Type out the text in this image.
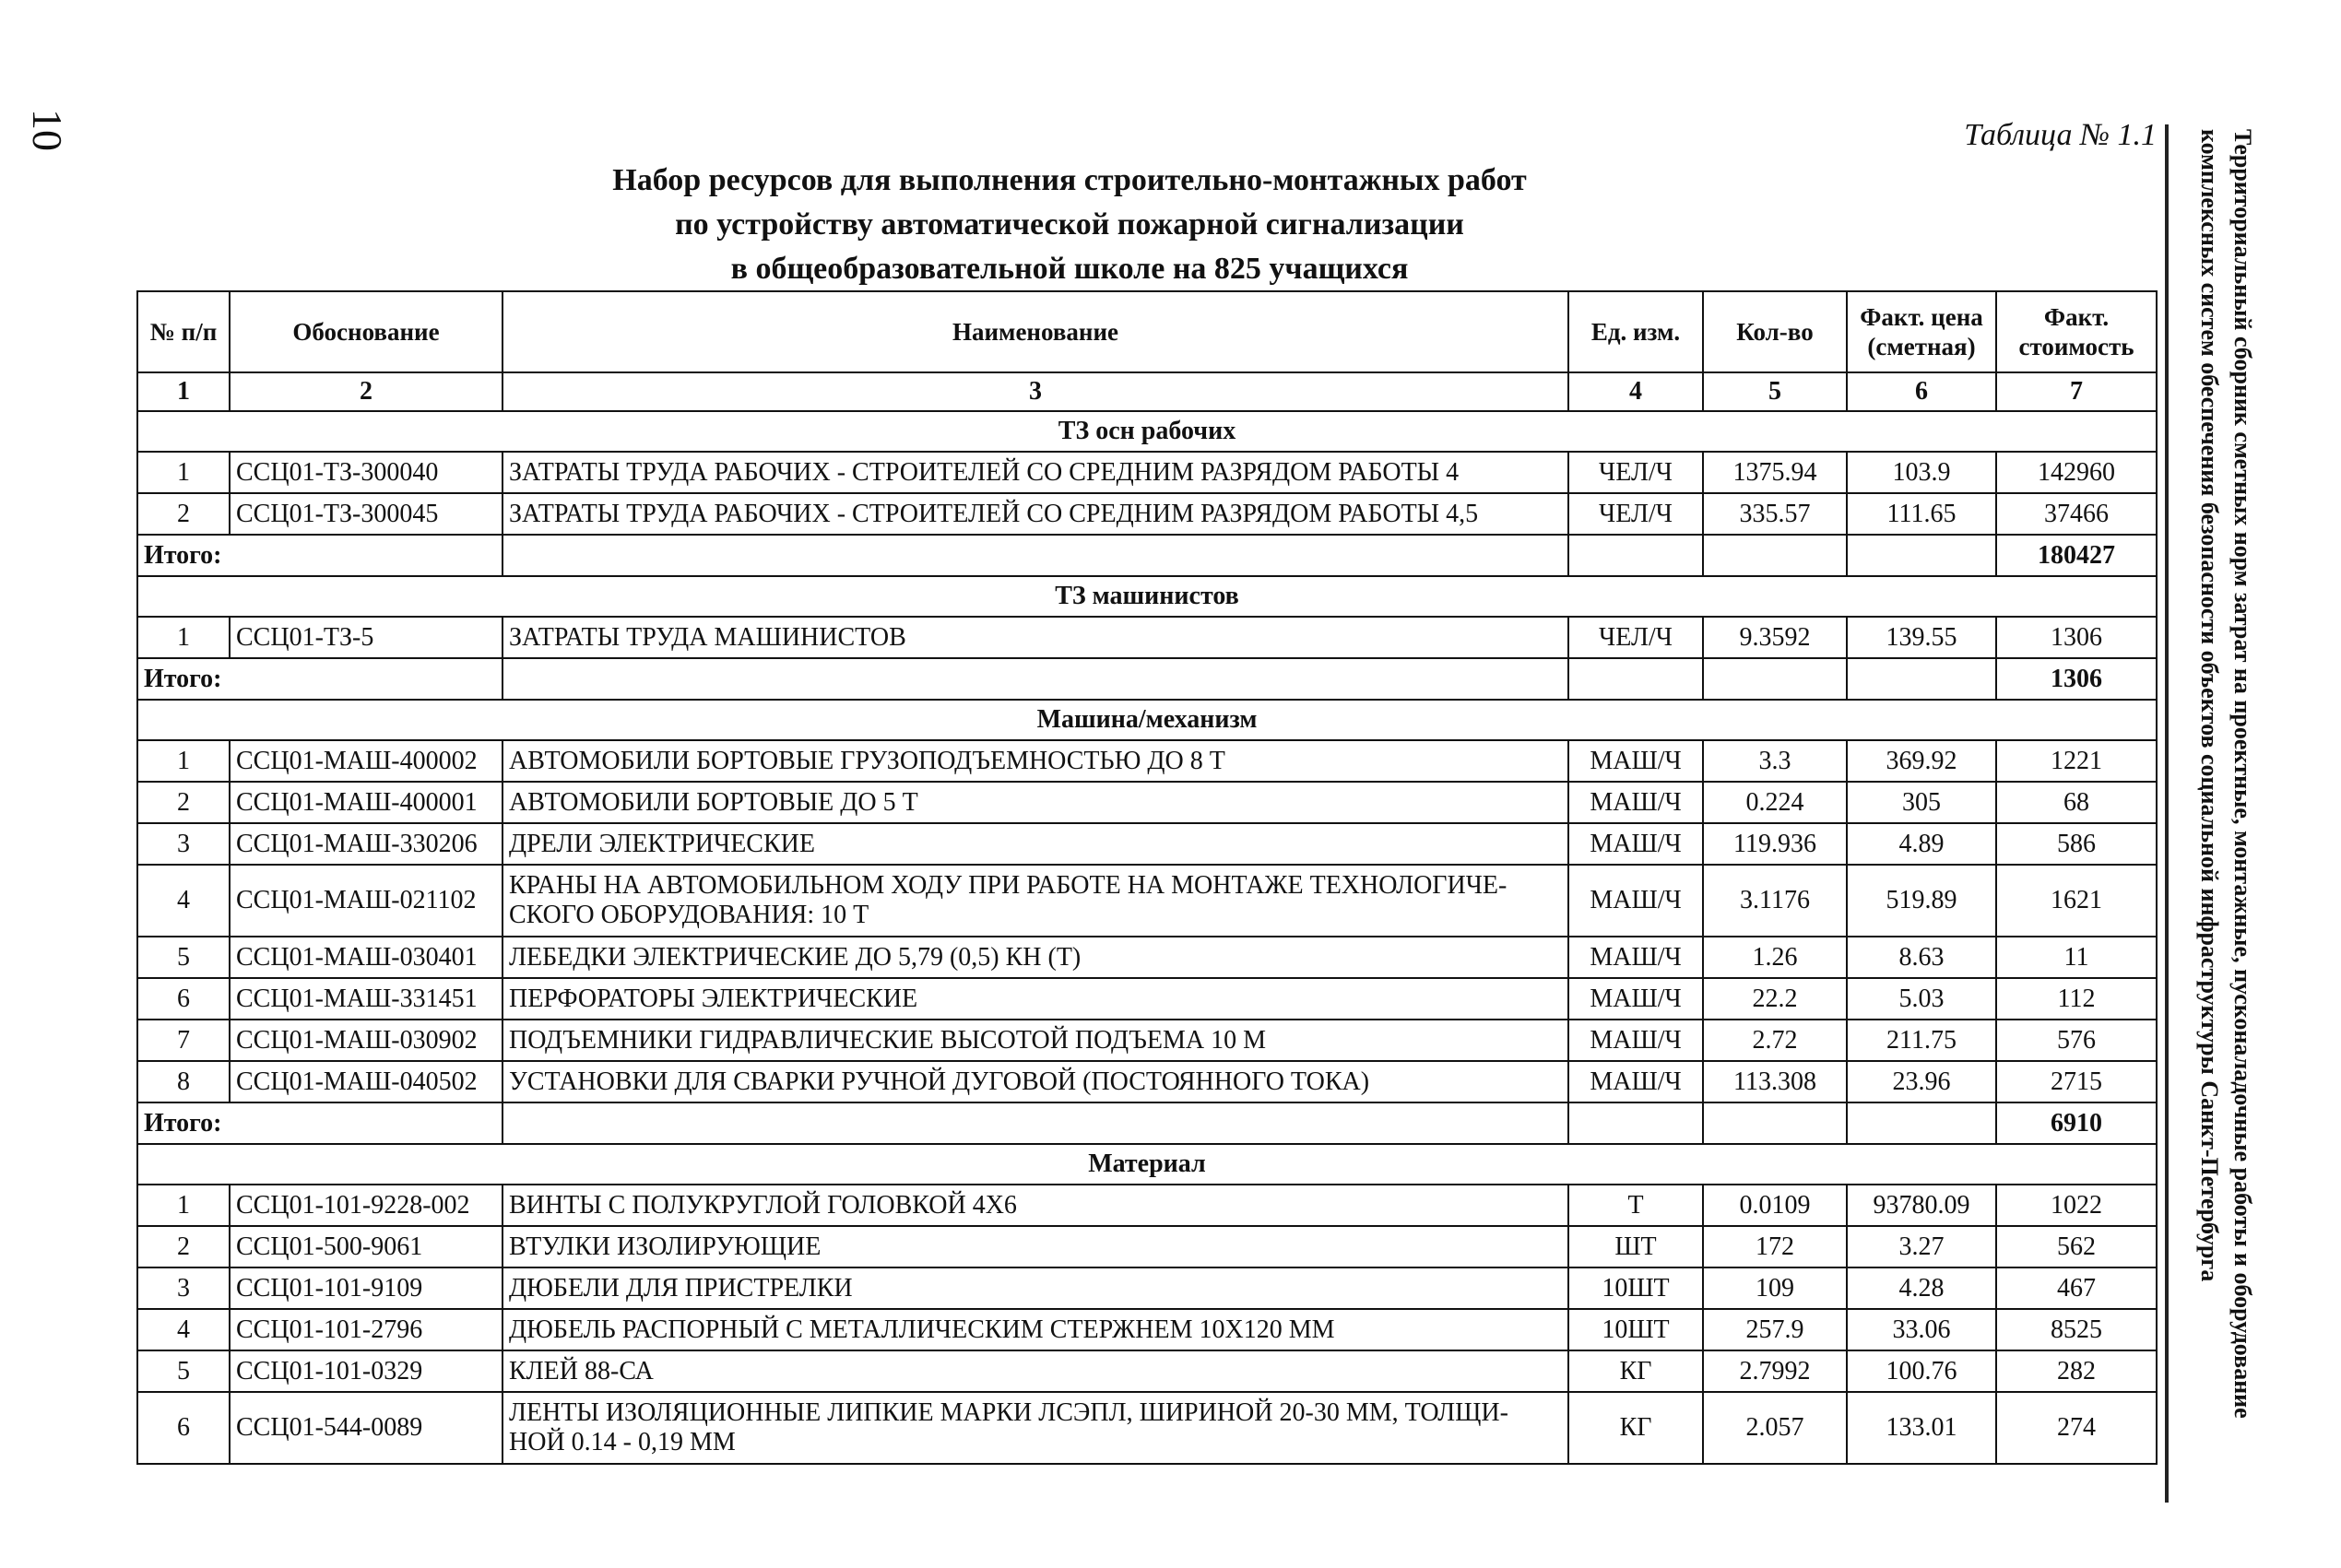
10	Таблица № 1.1
Набор ресурсов для выполнения строительно-монтажных работ
по устройству автоматической пожарной сигнализации
в общеобразовательной школе на 825 учащихся	Территориальный сборник сметных норм затрат на проектные, монтажные, пусконаладочные работы и оборудование
комплексных систем обеспечения безопасности объектов социальной инфраструктуры Санкт-Петербурга
№ п/п	Обоснование	Наименование	Ед. изм.	Кол-во	Факт. цена (сметная)	Факт. стоимость
1	2	3	4	5	6	7
ТЗ осн рабочих						
1	ССЦ01-ТЗ-300040	ЗАТРАТЫ ТРУДА РАБОЧИХ - СТРОИТЕЛЕЙ СО СРЕДНИМ РАЗРЯДОМ РАБОТЫ 4	ЧЕЛ/Ч	1375.94	103.9	142960
2	ССЦ01-ТЗ-300045	ЗАТРАТЫ ТРУДА РАБОЧИХ - СТРОИТЕЛЕЙ СО СРЕДНИМ РАЗРЯДОМ РАБОТЫ 4,5	ЧЕЛ/Ч	335.57	111.65	37466
Итого:						180427
ТЗ машинистов						
1	ССЦ01-ТЗ-5	ЗАТРАТЫ ТРУДА МАШИНИСТОВ	ЧЕЛ/Ч	9.3592	139.55	1306
Итого:						1306
Машина/механизм						
1	ССЦ01-МАШ-400002	АВТОМОБИЛИ БОРТОВЫЕ ГРУЗОПОДЪЕМНОСТЬЮ ДО 8 Т	МАШ/Ч	3.3	369.92	1221
2	ССЦ01-МАШ-400001	АВТОМОБИЛИ БОРТОВЫЕ ДО 5 Т	МАШ/Ч	0.224	305	68
3	ССЦ01-МАШ-330206	ДРЕЛИ ЭЛЕКТРИЧЕСКИЕ	МАШ/Ч	119.936	4.89	586
4	ССЦ01-МАШ-021102	КРАНЫ НА АВТОМОБИЛЬНОМ ХОДУ ПРИ РАБОТЕ НА МОНТАЖЕ ТЕХНОЛОГИЧЕ-СКОГО ОБОРУДОВАНИЯ: 10 Т	МАШ/Ч	3.1176	519.89	1621
5	ССЦ01-МАШ-030401	ЛЕБЕДКИ ЭЛЕКТРИЧЕСКИЕ ДО 5,79 (0,5) КН (Т)	МАШ/Ч	1.26	8.63	11
6	ССЦ01-МАШ-331451	ПЕРФОРАТОРЫ ЭЛЕКТРИЧЕСКИЕ	МАШ/Ч	22.2	5.03	112
7	ССЦ01-МАШ-030902	ПОДЪЕМНИКИ ГИДРАВЛИЧЕСКИЕ ВЫСОТОЙ ПОДЪЕМА 10 М	МАШ/Ч	2.72	211.75	576
8	ССЦ01-МАШ-040502	УСТАНОВКИ ДЛЯ СВАРКИ РУЧНОЙ ДУГОВОЙ (ПОСТОЯННОГО ТОКА)	МАШ/Ч	113.308	23.96	2715
Итого:						6910
Материал						
1	ССЦ01-101-9228-002	ВИНТЫ С ПОЛУКРУГЛОЙ ГОЛОВКОЙ 4Х6	Т	0.0109	93780.09	1022
2	ССЦ01-500-9061	ВТУЛКИ ИЗОЛИРУЮЩИЕ	ШТ	172	3.27	562
3	ССЦ01-101-9109	ДЮБЕЛИ ДЛЯ ПРИСТРЕЛКИ	10ШТ	109	4.28	467
4	ССЦ01-101-2796	ДЮБЕЛЬ РАСПОРНЫЙ С МЕТАЛЛИЧЕСКИМ СТЕРЖНЕМ 10Х120 ММ	10ШТ	257.9	33.06	8525
5	ССЦ01-101-0329	КЛЕЙ 88-СА	КГ	2.7992	100.76	282
6	ССЦ01-544-0089	ЛЕНТЫ ИЗОЛЯЦИОННЫЕ ЛИПКИЕ МАРКИ ЛСЭПЛ, ШИРИНОЙ 20-30 ММ, ТОЛЩИ-НОЙ 0.14 - 0,19 ММ	КГ	2.057	133.01	274
